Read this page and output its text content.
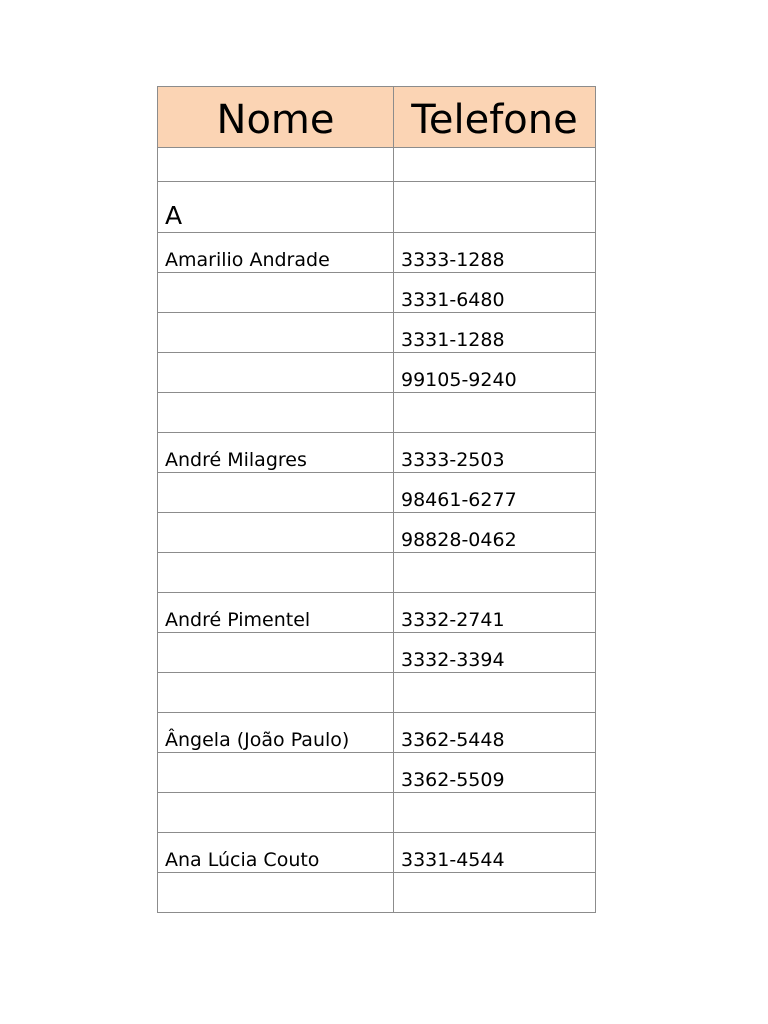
Nome	Telefone

A	
Amarilio Andrade	3333-1288
	3331-6480
	3331-1288
	99105-9240

André Milagres	3333-2503
	98461-6277
	98828-0462

André Pimentel	3332-2741
	3332-3394

Ângela (João Paulo)	3362-5448
	3362-5509

Ana Lúcia Couto	3331-4544
